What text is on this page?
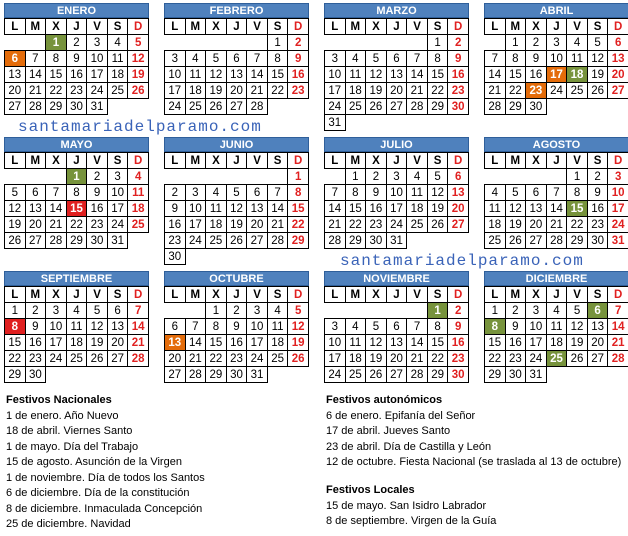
ENERO
L	M	X	J	V	S	D
		1	2	3	4	5
6	7	8	9	10	11	12
13	14	15	16	17	18	19
20	21	22	23	24	25	26
27	28	29	30	31		
FEBRERO
L	M	X	J	V	S	D
					1	2
3	4	5	6	7	8	9
10	11	12	13	14	15	16
17	18	19	20	21	22	23
24	25	26	27	28		
MARZO
L	M	X	J	V	S	D
					1	2
3	4	5	6	7	8	9
10	11	12	13	14	15	16
17	18	19	20	21	22	23
24	25	26	27	28	29	30
31						
ABRIL
L	M	X	J	V	S	D
	1	2	3	4	5	6
7	8	9	10	11	12	13
14	15	16	17	18	19	20
21	22	23	24	25	26	27
28	29	30				
MAYO
L	M	X	J	V	S	D
			1	2	3	4
5	6	7	8	9	10	11
12	13	14	15	16	17	18
19	20	21	22	23	24	25
26	27	28	29	30	31	
JUNIO
L	M	X	J	V	S	D
						1
2	3	4	5	6	7	8
9	10	11	12	13	14	15
16	17	18	19	20	21	22
23	24	25	26	27	28	29
30						
JULIO
L	M	X	J	V	S	D
	1	2	3	4	5	6
7	8	9	10	11	12	13
14	15	16	17	18	19	20
21	22	23	24	25	26	27
28	29	30	31			
AGOSTO
L	M	X	J	V	S	D
				1	2	3
4	5	6	7	8	9	10
11	12	13	14	15	16	17
18	19	20	21	22	23	24
25	26	27	28	29	30	31
SEPTIEMBRE
L	M	X	J	V	S	D
1	2	3	4	5	6	7
8	9	10	11	12	13	14
15	16	17	18	19	20	21
22	23	24	25	26	27	28
29	30					
OCTUBRE
L	M	X	J	V	S	D
		1	2	3	4	5
6	7	8	9	10	11	12
13	14	15	16	17	18	19
20	21	22	23	24	25	26
27	28	29	30	31		
NOVIEMBRE
L	M	X	J	V	S	D
					1	2
3	4	5	6	7	8	9
10	11	12	13	14	15	16
17	18	19	20	21	22	23
24	25	26	27	28	29	30
DICIEMBRE
L	M	X	J	V	S	D
1	2	3	4	5	6	7
8	9	10	11	12	13	14
15	16	17	18	19	20	21
22	23	24	25	26	27	28
29	30	31				
santamariadelparamo.com
santamariadelparamo.com
Festivos Nacionales
1 de enero. Año Nuevo
18 de abril. Viernes Santo
1 de mayo. Día del Trabajo
15 de agosto. Asunción de la Virgen
1 de noviembre. Día de todos los Santos
6 de diciembre. Día de la constitución
8 de diciembre. Inmaculada Concepción
25 de diciembre. Navidad
Festivos autonómicos
6 de enero. Epifanía del Señor
17 de abril. Jueves Santo
23 de abril. Día de Castilla y León
12 de octubre. Fiesta Nacional (se traslada al 13 de octubre)
Festivos Locales
15 de mayo. San Isidro Labrador
8 de septiembre. Virgen de la Guía
